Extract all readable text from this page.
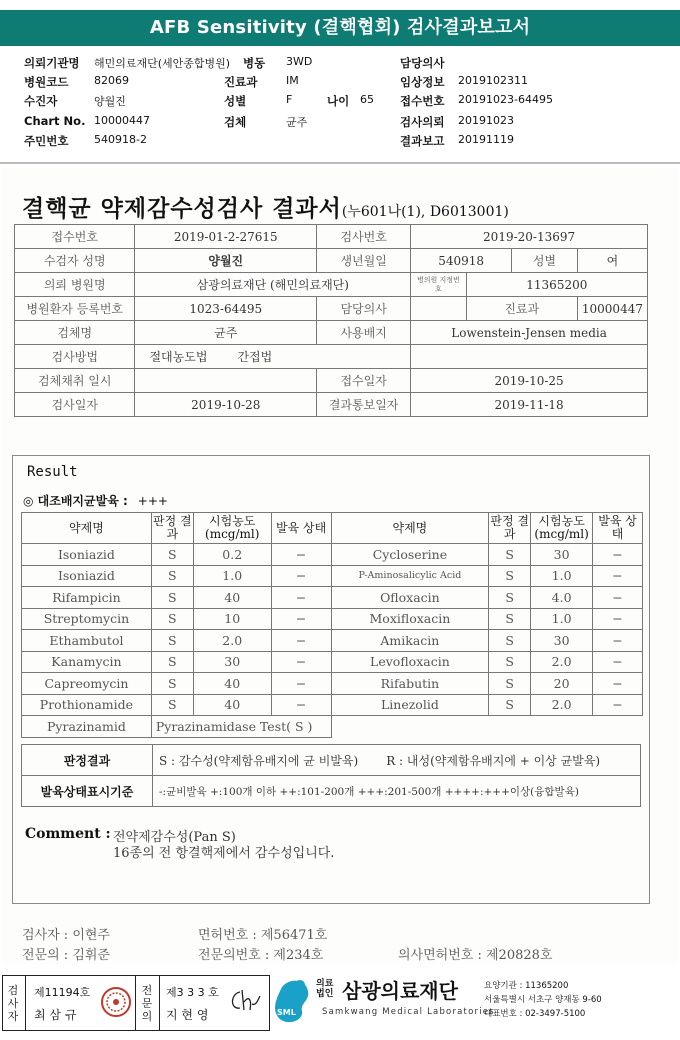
AFB Sensitivity (결핵협회) 검사결과보고서
의뢰기관명 해민의료재단(세안종합병원) 병동 3WD	담당의사
병원코드 82069	진료과	IM	임상정보 2019102311
수진자	양월진	성별	F	나이 65 접수번호 20191023-64495
Chart No. 10000447	검체	균주	검사의뢰 20191023
주민번호 540918-2	결과보고 20191119
결핵균 약제감수성검사 결과서(누601나(1), D6013001)
접수번호	2019-01-2-27615	검사번호	2019-20-13697			
수검자 성명	양월진	생년월일	540918		성별	여
의뢰 병원명	삼광의료재단 (해민의료재단)		병의원 지정번호	11365200		
병원환자 등록번호	1023-64495	담당의사		진료과		10000447
검체명	균주	사용배지	Lowenstein-Jensen media			
검사방법	절대농도법 간접법					
검체채취 일시		접수일자	2019-10-25			
검사일자	2019-10-28	결과통보일자	2019-11-18			
Result
◎ 대조배지균발육 : +++
약제명	판정 결과	시험농도 (mcg/ml)	발육 상태	약제명	판정 결과	시험농도 (mcg/ml)	발육 상태
Isoniazid	S	0.2	−	Cycloserine	S	30	−
Isoniazid	S	1.0	−	P-Aminosalicylic Acid	S	1.0	−
Rifampicin	S	40	−	Ofloxacin	S	4.0	−
Streptomycin	S	10	−	Moxifloxacin	S	1.0	−
Ethambutol	S	2.0	−	Amikacin	S	30	−
Kanamycin	S	30	−	Levofloxacin	S	2.0	−
Capreomycin	S	40	−	Rifabutin	S	20	−
Prothionamide	S	40	−	Linezolid	S	2.0	−
Pyrazinamid	Pyrazinamidase Test( S )						
판정결과	S : 감수성(약제함유배지에 균 비발육) R : 내성(약제함유배지에 + 이상 균발육)
발육상태표시기준	-:균비발육 +:100개 이하 ++:101-200개 +++:201-500개 ++++:+++이상(융합발육)
Comment : 전약제감수성(Pan S)
16종의 전 항결핵제에서 감수성입니다.
검사자 : 이현주	면허번호 : 제56471호
전문의 : 김휘준	전문의번호 : 제234호	의사면허번호 : 제20828호
검사자
제11194호
최 삼 규
전문의
제3 3 3 호
지 현 영	SML
의료법인 삼광의료재단
Samkwang Medical Laboratories
요양기관 : 11365200
서울특별시 서초구 양재동 9-60
대표번호 : 02-3497-5100
